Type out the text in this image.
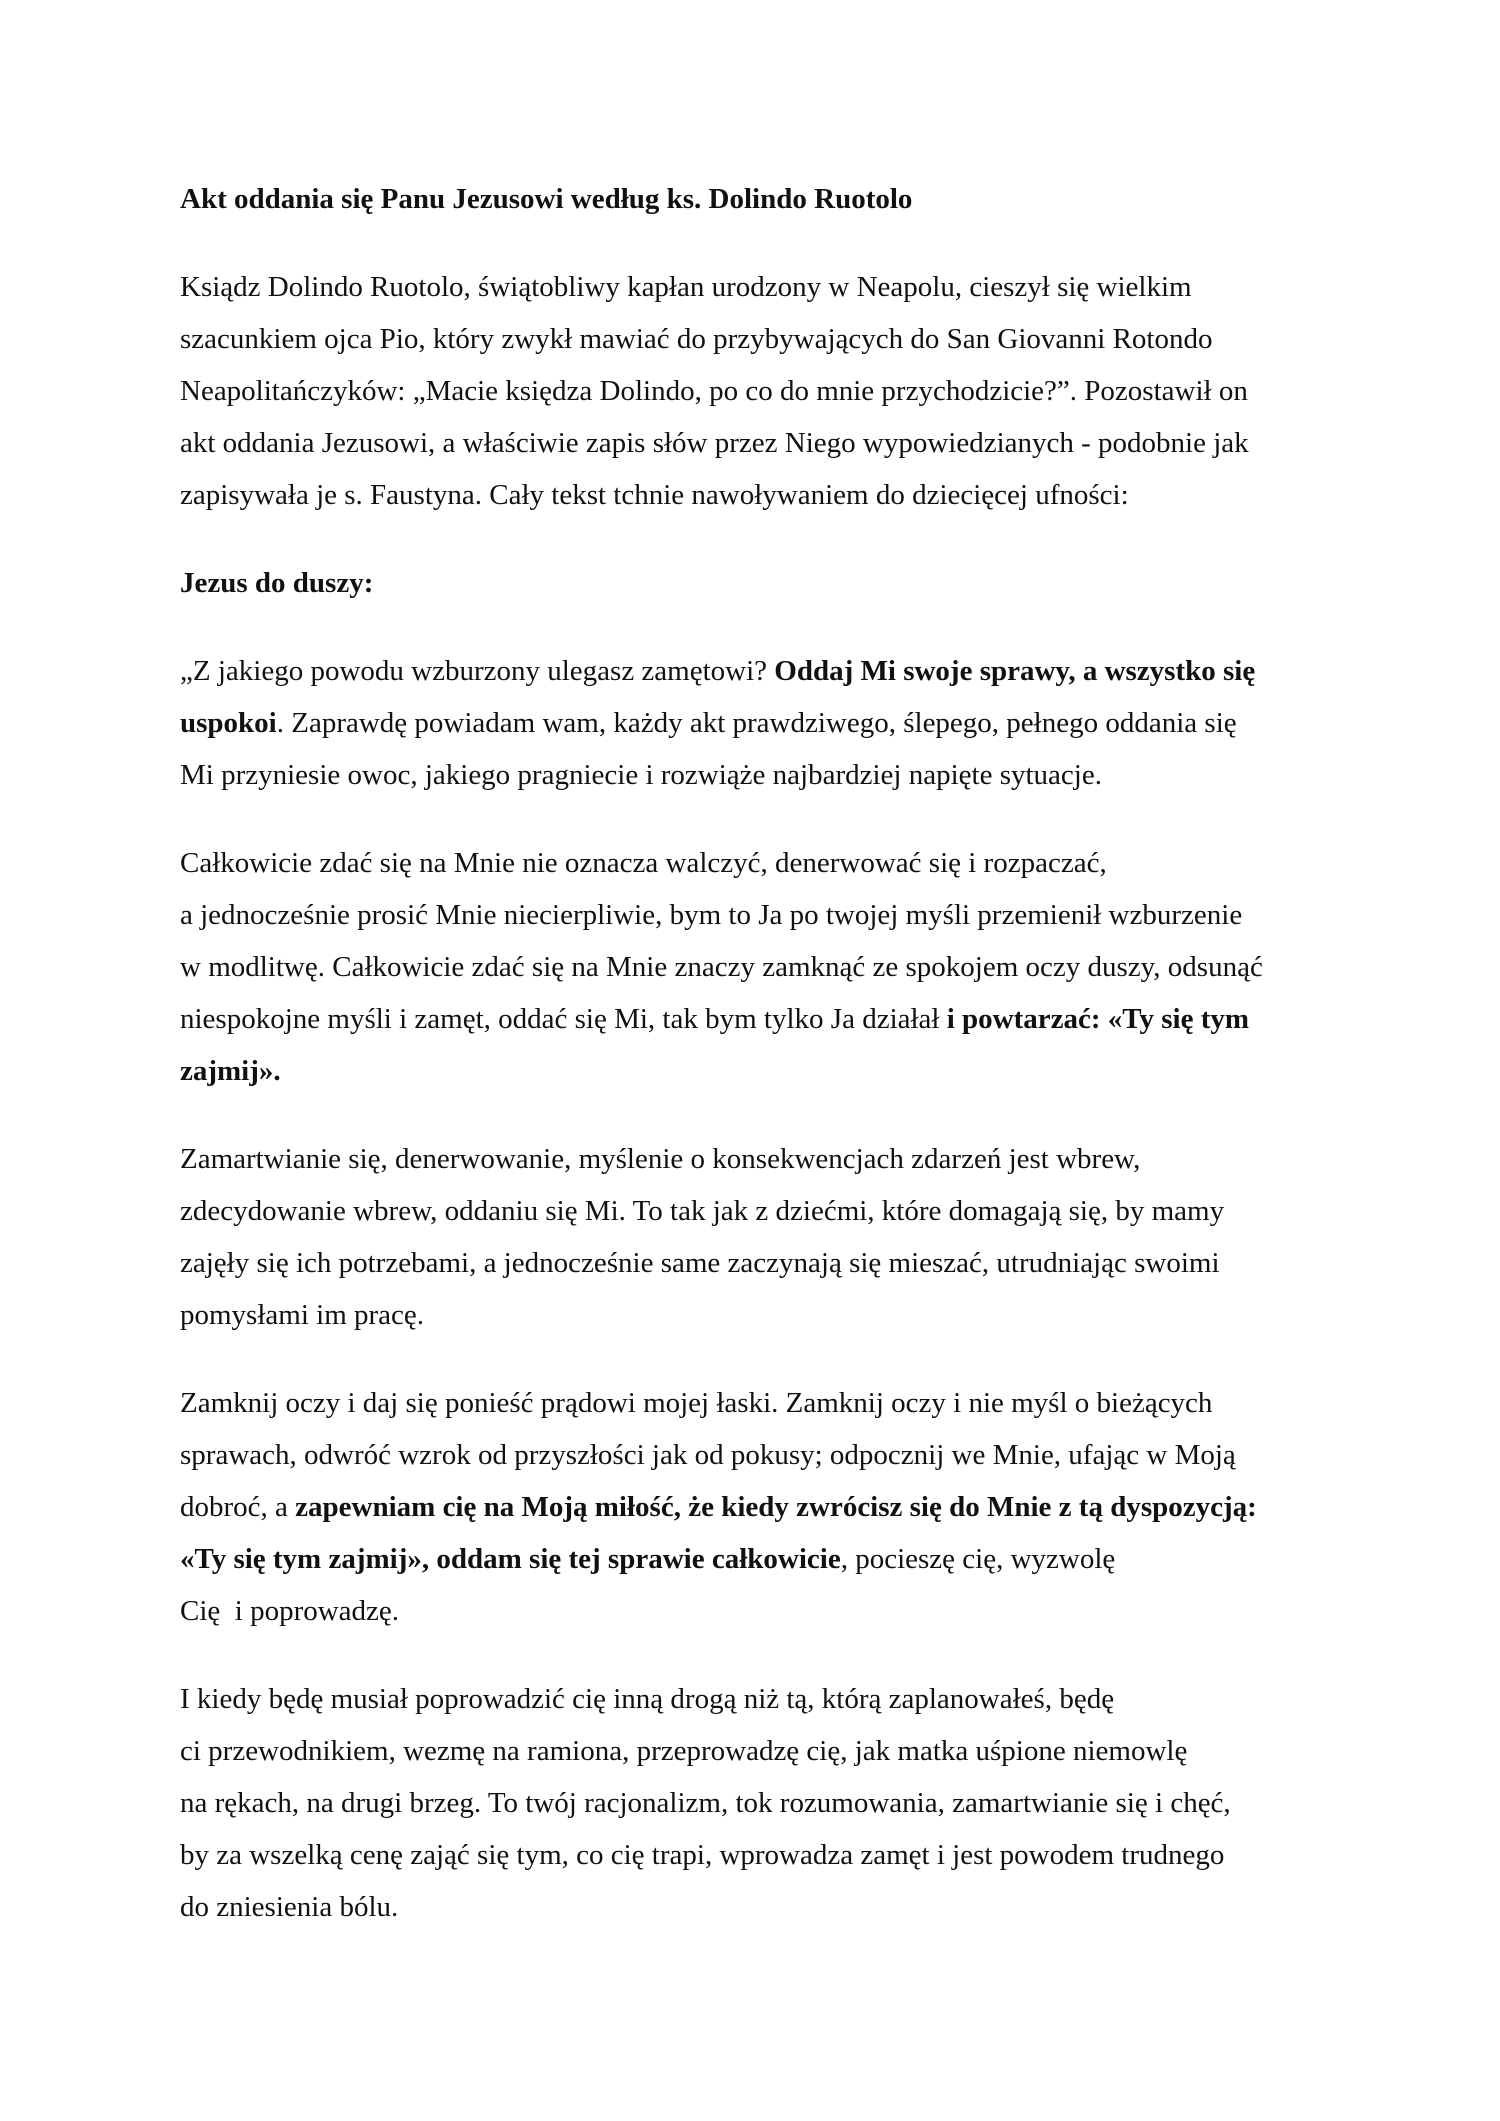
Akt oddania się Panu Jezusowi według ks. Dolindo Ruotolo
Ksiądz Dolindo Ruotolo, świątobliwy kapłan urodzony w Neapolu, cieszył się wielkim
szacunkiem ojca Pio, który zwykł mawiać do przybywających do San Giovanni Rotondo
Neapolitańczyków: „Macie księdza Dolindo, po co do mnie przychodzicie?”. Pozostawił on
akt oddania Jezusowi, a właściwie zapis słów przez Niego wypowiedzianych - podobnie jak
zapisywała je s. Faustyna. Cały tekst tchnie nawoływaniem do dziecięcej ufności:
Jezus do duszy:
„Z jakiego powodu wzburzony ulegasz zamętowi? Oddaj Mi swoje sprawy, a wszystko się
uspokoi. Zaprawdę powiadam wam, każdy akt prawdziwego, ślepego, pełnego oddania się
Mi przyniesie owoc, jakiego pragniecie i rozwiąże najbardziej napięte sytuacje.
Całkowicie zdać się na Mnie nie oznacza walczyć, denerwować się i rozpaczać,
a jednocześnie prosić Mnie niecierpliwie, bym to Ja po twojej myśli przemienił wzburzenie
w modlitwę. Całkowicie zdać się na Mnie znaczy zamknąć ze spokojem oczy duszy, odsunąć
niespokojne myśli i zamęt, oddać się Mi, tak bym tylko Ja działał i powtarzać: «Ty się tym
zajmij».
Zamartwianie się, denerwowanie, myślenie o konsekwencjach zdarzeń jest wbrew,
zdecydowanie wbrew, oddaniu się Mi. To tak jak z dziećmi, które domagają się, by mamy
zajęły się ich potrzebami, a jednocześnie same zaczynają się mieszać, utrudniając swoimi
pomysłami im pracę.
Zamknij oczy i daj się ponieść prądowi mojej łaski. Zamknij oczy i nie myśl o bieżących
sprawach, odwróć wzrok od przyszłości jak od pokusy; odpocznij we Mnie, ufając w Moją
dobroć, a zapewniam cię na Moją miłość, że kiedy zwrócisz się do Mnie z tą dyspozycją:
«Ty się tym zajmij», oddam się tej sprawie całkowicie, pocieszę cię, wyzwolę
Cię  i poprowadzę.
I kiedy będę musiał poprowadzić cię inną drogą niż tą, którą zaplanowałeś, będę
ci przewodnikiem, wezmę na ramiona, przeprowadzę cię, jak matka uśpione niemowlę
na rękach, na drugi brzeg. To twój racjonalizm, tok rozumowania, zamartwianie się i chęć,
by za wszelką cenę zająć się tym, co cię trapi, wprowadza zamęt i jest powodem trudnego
do zniesienia bólu.
